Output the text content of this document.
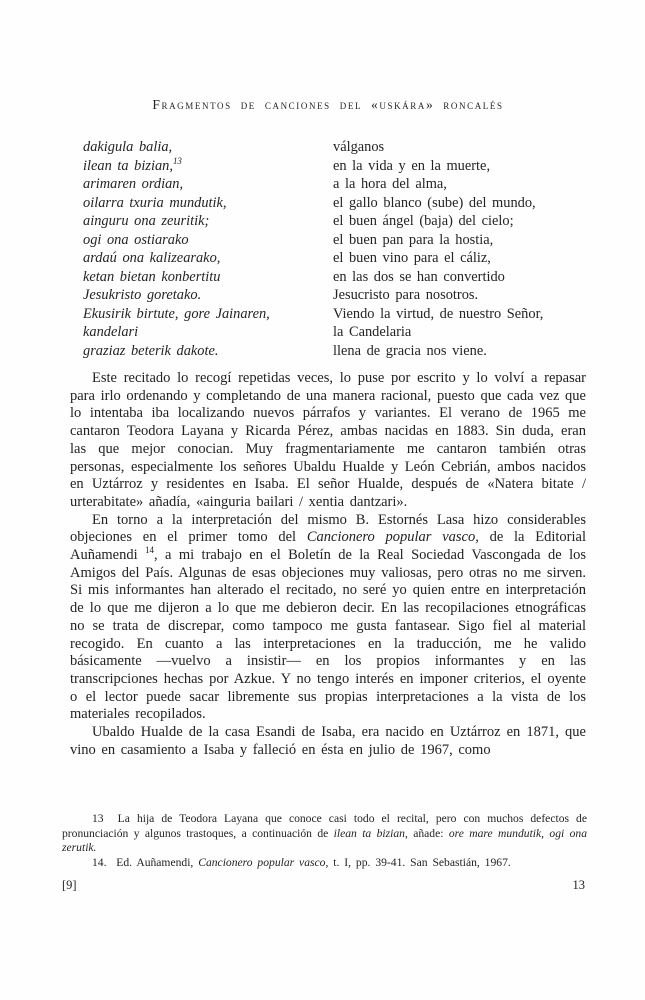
Fragmentos de canciones del «uskára» roncalés
dakigula balia,
ilean ta bizian,$^{13}$
arimaren ordian,
oilarra txuria mundutik,
ainguru ona zeuritik;
ogi ona ostiarako
ardaú ona kalizearako,
ketan bietan konbertitu
Jesukristo goretako.
Ekusirik birtute, gore Jainaren,
kandelari
graziaz beterik dakote.
válganos
en la vida y en la muerte,
a la hora del alma,
el gallo blanco (sube) del mundo,
el buen ángel (baja) del cielo;
el buen pan para la hostia,
el buen vino para el cáliz,
en las dos se han convertido
Jesucristo para nosotros.
Viendo la virtud, de nuestro Señor,
la Candelaria
llena de gracia nos viene.

Este recitado lo recogí repetidas veces, lo puse por escrito y lo volví a repasar para irlo ordenando y completando de una manera racional, puesto que cada vez que lo intentaba iba localizando nuevos párrafos y variantes. El verano de 1965 me cantaron Teodora Layana y Ricarda Pérez, ambas nacidas en 1883. Sin duda, eran las que mejor conocian. Muy fragmentariamente me cantaron también otras personas, especialmente los señores Ubaldu Hualde y León Cebrián, ambos nacidos en Uztárroz y residentes en Isaba. El señor Hualde, después de «Natera bitate / urterabitate» añadía, «ainguria bailari / xentia dantzari».

En torno a la interpretación del mismo B. Estornés Lasa hizo considerables objeciones en el primer tomo del Cancionero popular vasco, de la Editorial Auñamendi $^{14}$, a mi trabajo en el Boletín de la Real Sociedad Vascongada de los Amigos del País. Algunas de esas objeciones muy valiosas, pero otras no me sirven. Si mis informantes han alterado el recitado, no seré yo quien entre en interpretación de lo que me dijeron a lo que me debieron decir. En las recopilaciones etnográficas no se trata de discrepar, como tampoco me gusta fantasear. Sigo fiel al material recogido. En cuanto a las interpretaciones en la traducción, me he valido básicamente —vuelvo a insistir— en los propios informantes y en las transcripciones hechas por Azkue. Y no tengo interés en imponer criterios, el oyente o el lector puede sacar libremente sus propias interpretaciones a la vista de los materiales recopilados.

Ubaldo Hualde de la casa Esandi de Isaba, era nacido en Uztárroz en 1871, que vino en casamiento a Isaba y falleció en ésta en julio de 1967, como

13  La hija de Teodora Layana que conoce casi todo el recital, pero con muchos defectos de pronunciación y algunos trastoques, a continuación de ilean ta bizian, añade: ore mare mundutik, ogi ona zerutik.

14.  Ed. Auñamendi, Cancionero popular vasco, t. I, pp. 39-41. San Sebastián, 1967.

[9]	13
